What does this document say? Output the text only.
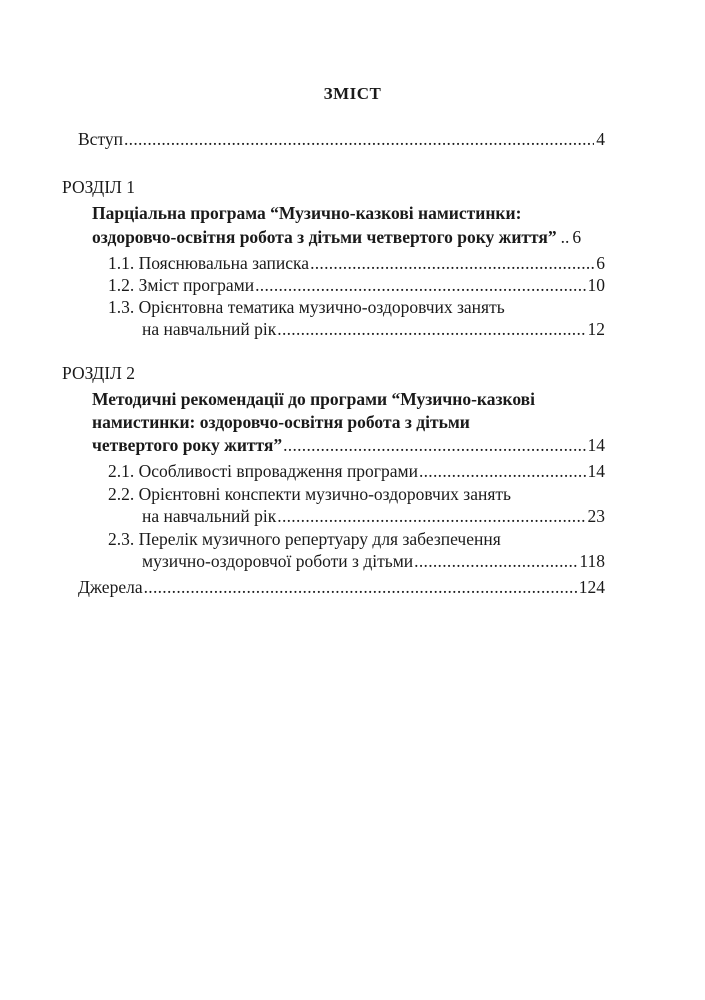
ЗМІСТ
Вступ .....	4
РОЗДІЛ 1
Парціальна програма “Музично-казкові намистинки:
оздоровчо-освітня робота з дітьми четвертого року життя” .. 6
1.1. Пояснювальна записка .....	6
1.2. Зміст програми .....	10
1.3. Орієнтовна тематика музично-оздоровчих занять
на навчальний рік .....	12
РОЗДІЛ 2
Методичні рекомендації до програми “Музично-казкові
намистинки: оздоровчо-освітня робота з дітьми
четвертого року життя” .....	14
2.1. Особливості впровадження програми .....	14
2.2. Орієнтовні конспекти музично-оздоровчих занять
на навчальний рік .....	23
2.3. Перелік музичного репертуару для забезпечення
музично-оздоровчої роботи з дітьми .....	118
Джерела .....	124
